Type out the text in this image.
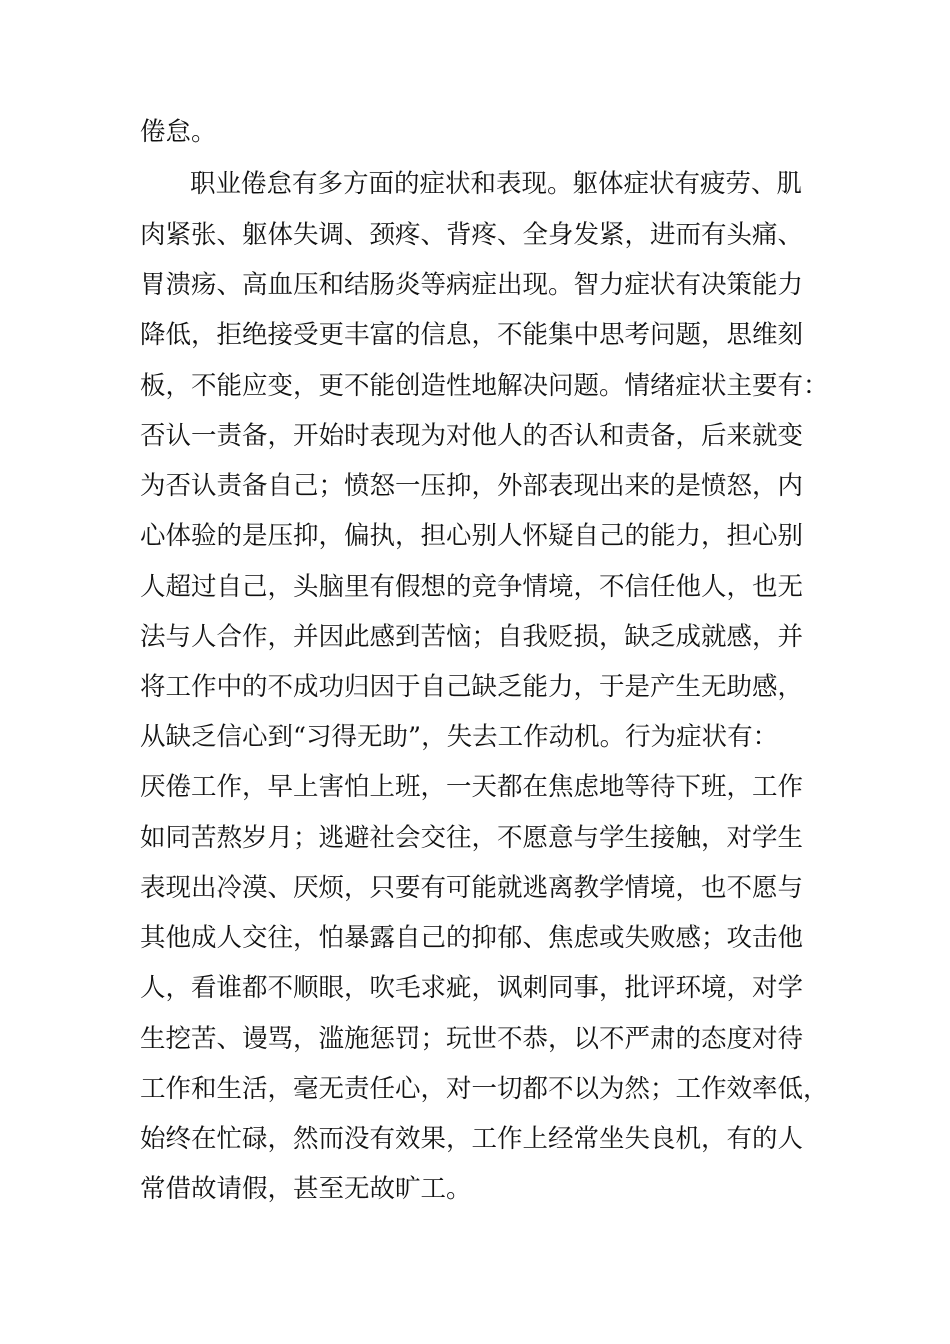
倦怠。
职业倦怠有多方面的症状和表现。躯体症状有疲劳、肌
肉紧张、躯体失调、颈疼、背疼、全身发紧，进而有头痛、
胃溃疡、高血压和结肠炎等病症出现。智力症状有决策能力
降低，拒绝接受更丰富的信息，不能集中思考问题，思维刻
板，不能应变，更不能创造性地解决问题。情绪症状主要有：
否认一责备，开始时表现为对他人的否认和责备，后来就变
为否认责备自己；愤怒一压抑，外部表现出来的是愤怒，内
心体验的是压抑，偏执，担心别人怀疑自己的能力，担心别
人超过自己，头脑里有假想的竞争情境，不信任他人，也无
法与人合作，并因此感到苦恼；自我贬损，缺乏成就感，并
将工作中的不成功归因于自己缺乏能力，于是产生无助感，
从缺乏信心到“习得无助”，失去工作动机。行为症状有：
厌倦工作，早上害怕上班，一天都在焦虑地等待下班，工作
如同苦熬岁月；逃避社会交往，不愿意与学生接触，对学生
表现出冷漠、厌烦，只要有可能就逃离教学情境，也不愿与
其他成人交往，怕暴露自己的抑郁、焦虑或失败感；攻击他
人，看谁都不顺眼，吹毛求疵，讽刺同事，批评环境，对学
生挖苦、谩骂，滥施惩罚；玩世不恭，以不严肃的态度对待
工作和生活，毫无责任心，对一切都不以为然；工作效率低，
始终在忙碌，然而没有效果，工作上经常坐失良机，有的人
常借故请假，甚至无故旷工。
